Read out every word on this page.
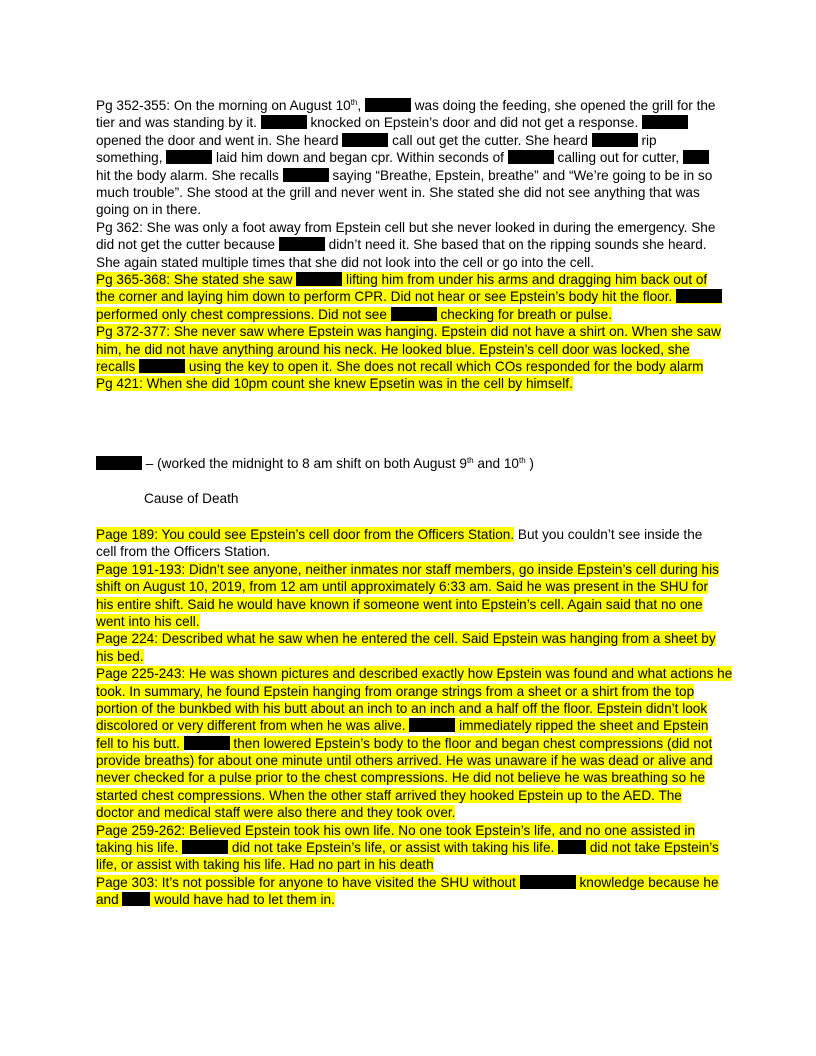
Pg 352-355: On the morning on August 10th,	was doing the feeding, she opened the grill for the
tier and was standing by it.	knocked on Epstein’s door and did not get a response.
opened the door and went in. She heard	call out get the cutter. She heard	rip
something,	laid him down and began cpr. Within seconds of	calling out for cutter,
hit the body alarm. She recalls	saying “Breathe, Epstein, breathe” and “We’re going to be in so
much trouble”. She stood at the grill and never went in. She stated she did not see anything that was
going on in there.
Pg 362: She was only a foot away from Epstein cell but she never looked in during the emergency. She
did not get the cutter because	didn’t need it. She based that on the ripping sounds she heard.
She again stated multiple times that she did not look into the cell or go into the cell.
Pg 365-368: She stated she saw	lifting him from under his arms and dragging him back out of
the corner and laying him down to perform CPR. Did not hear or see Epstein’s body hit the floor.
performed only chest compressions. Did not see	checking for breath or pulse.
Pg 372-377: She never saw where Epstein was hanging. Epstein did not have a shirt on. When she saw
him, he did not have anything around his neck. He looked blue. Epstein’s cell door was locked, she
recalls	using the key to open it. She does not recall which COs responded for the body alarm
Pg 421: When she did 10pm count she knew Epsetin was in the cell by himself.
– (worked the midnight to 8 am shift on both August 9th and 10th )
Cause of Death
Page 189: You could see Epstein’s cell door from the Officers Station. But you couldn’t see inside the
cell from the Officers Station.
Page 191-193: Didn’t see anyone, neither inmates nor staff members, go inside Epstein’s cell during his
shift on August 10, 2019, from 12 am until approximately 6:33 am. Said he was present in the SHU for
his entire shift. Said he would have known if someone went into Epstein’s cell. Again said that no one
went into his cell.
Page 224: Described what he saw when he entered the cell. Said Epstein was hanging from a sheet by
his bed.
Page 225-243: He was shown pictures and described exactly how Epstein was found and what actions he
took. In summary, he found Epstein hanging from orange strings from a sheet or a shirt from the top
portion of the bunkbed with his butt about an inch to an inch and a half off the floor. Epstein didn’t look
discolored or very different from when he was alive.	immediately ripped the sheet and Epstein
fell to his butt.	then lowered Epstein’s body to the floor and began chest compressions (did not
provide breaths) for about one minute until others arrived. He was unaware if he was dead or alive and
never checked for a pulse prior to the chest compressions. He did not believe he was breathing so he
started chest compressions. When the other staff arrived they hooked Epstein up to the AED. The
doctor and medical staff were also there and they took over.
Page 259-262: Believed Epstein took his own life. No one took Epstein’s life, and no one assisted in
taking his life.	did not take Epstein’s life, or assist with taking his life.  did not take Epstein’s
life, or assist with taking his life. Had no part in his death
Page 303: It’s not possible for anyone to have visited the SHU without	knowledge because he
and  would have had to let them in.
